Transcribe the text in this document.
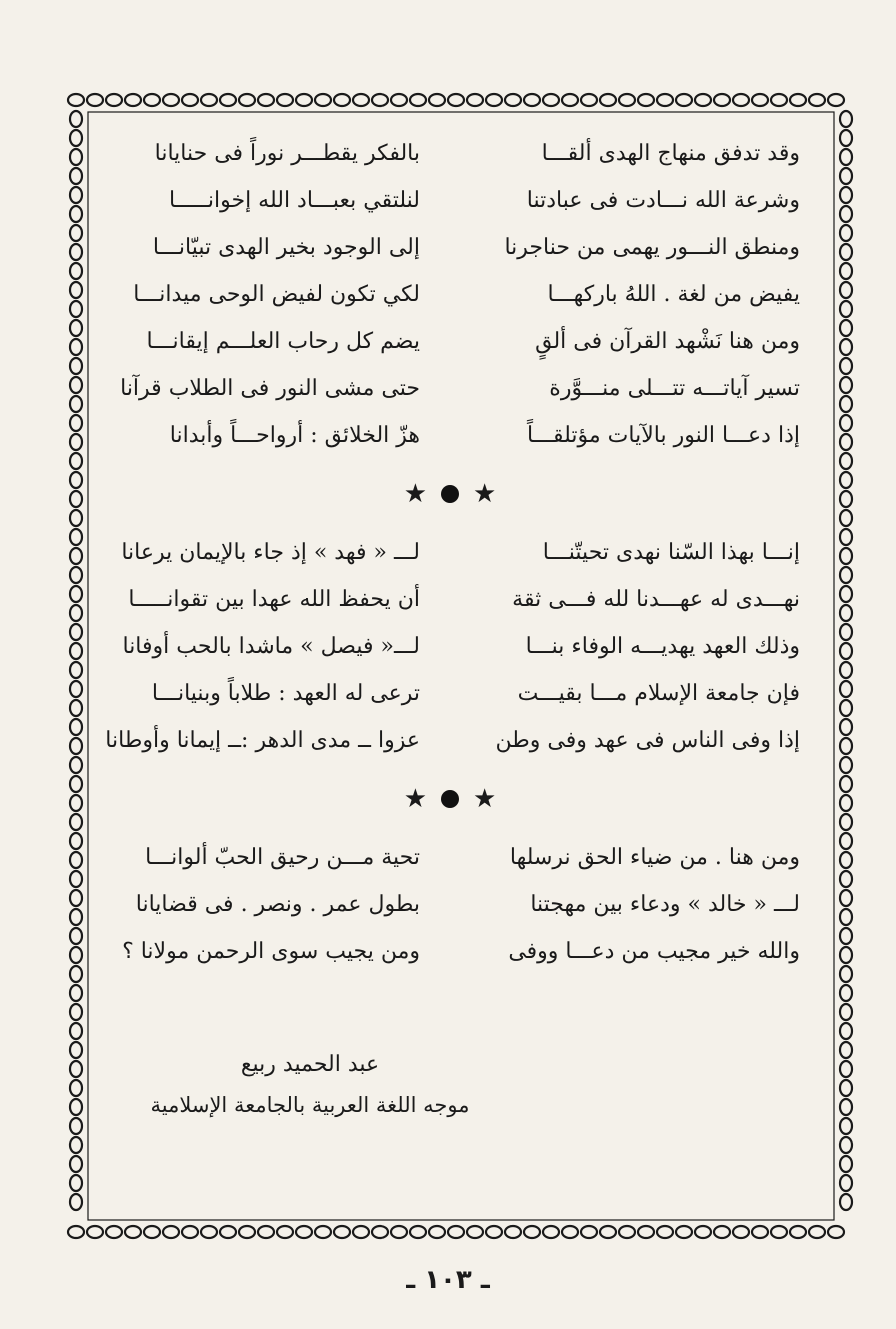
وقد تدفق منهاج الهدى ألقـــا
بالفكر يقطـــر نوراً فى حنايانا
وشرعة الله نـــادت فى عبادتنا
لنلتقي بعبـــاد الله إخوانـــــا
ومنطق النـــور يهمى من حناجرنا
إلى الوجود بخير الهدى تبيّانـــا
يفيض من لغة . اللهُ باركهـــا
لكي تكون لفيض الوحى ميدانـــا
ومن هنا نَشْهد القرآن فى ألقٍ
يضم كل رحاب العلـــم إيقانـــا
تسير آياتـــه تتـــلى منـــوَّرة
حتى مشى النور فى الطلاب قرآنا
إذا دعـــا النور بالآيات مؤتلقـــاً
هزّ الخلائق : أرواحـــاً وأبدانا
★ ★
إنـــا بهذا السّنا نهدى تحيتّنـــا
لـــ « فهد » إذ جاء بالإيمان يرعانا
نهـــدى له عهـــدنا لله فـــى ثقة
أن يحفظ الله عهدا بين تقوانـــــا
وذلك العهد يهديـــه الوفاء بنـــا
لـــ« فيصل » ماشدا بالحب أوفانا
فإن جامعة الإسلام مـــا بقيـــت
ترعى له العهد : طلاباً وبنيانـــا
إذا وفى الناس فى عهد وفى وطن
عزوا ــ مدى الدهر :ــ إيمانا وأوطانا
★ ★
ومن هنا . من ضياء الحق نرسلها
تحية مـــن رحيق الحبّ ألوانـــا
لـــ « خالد » ودعاء بين مهجتنا
بطول عمر . ونصر . فى قضايانا
والله خير مجيب من دعـــا ووفى
ومن يجيب سوى الرحمن مولانا ؟
عبد الحميد ربيع
موجه اللغة العربية بالجامعة الإسلامية
ـ ١٠٣ ـ
